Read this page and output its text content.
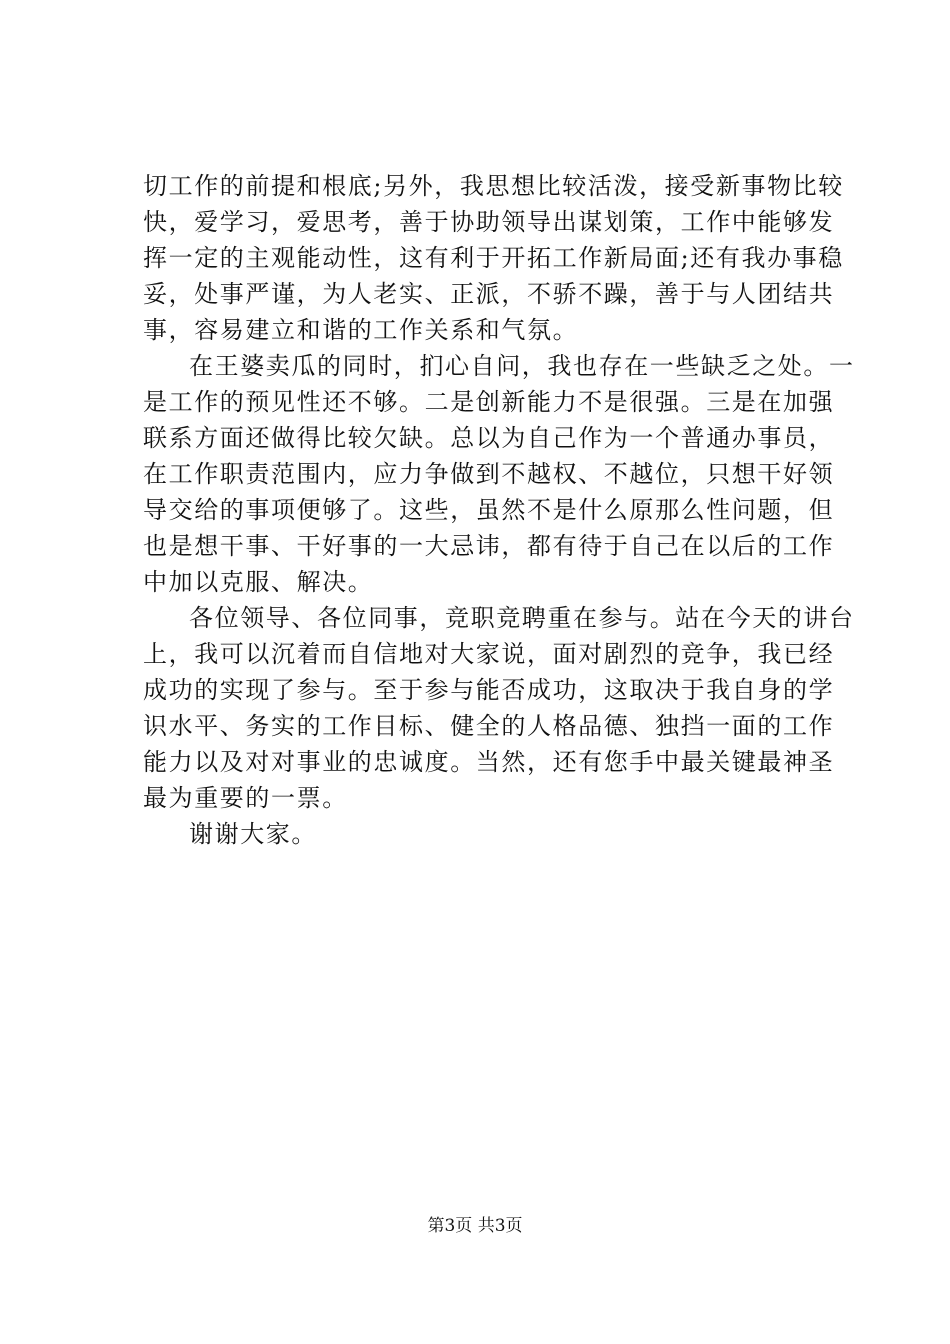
切工作的前提和根底;另外，我思想比较活泼，接受新事物比较
快，爱学习，爱思考，善于协助领导出谋划策，工作中能够发
挥一定的主观能动性，这有利于开拓工作新局面;还有我办事稳
妥，处事严谨，为人老实、正派，不骄不躁，善于与人团结共
事，容易建立和谐的工作关系和气氛。
在王婆卖瓜的同时，扪心自问，我也存在一些缺乏之处。一
是工作的预见性还不够。二是创新能力不是很强。三是在加强
联系方面还做得比较欠缺。总以为自己作为一个普通办事员，
在工作职责范围内，应力争做到不越权、不越位，只想干好领
导交给的事项便够了。这些，虽然不是什么原那么性问题，但
也是想干事、干好事的一大忌讳，都有待于自己在以后的工作
中加以克服、解决。
各位领导、各位同事，竞职竞聘重在参与。站在今天的讲台
上，我可以沉着而自信地对大家说，面对剧烈的竞争，我已经
成功的实现了参与。至于参与能否成功，这取决于我自身的学
识水平、务实的工作目标、健全的人格品德、独挡一面的工作
能力以及对对事业的忠诚度。当然，还有您手中最关键最神圣
最为重要的一票。
谢谢大家。
第3页 共3页
